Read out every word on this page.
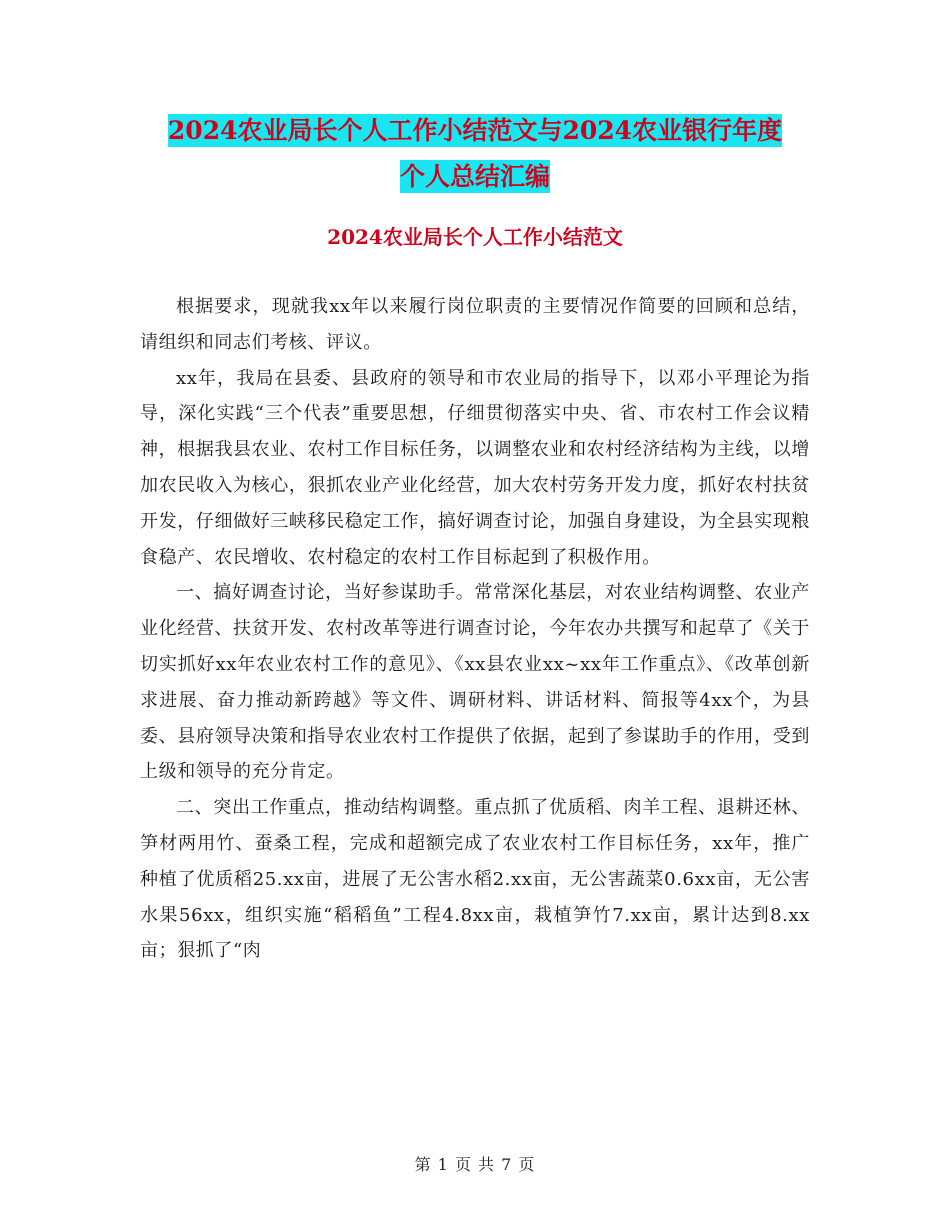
2024农业局长个人工作小结范文与2024农业银行年度
个人总结汇编
2024农业局长个人工作小结范文

根据要求，现就我xx年以来履行岗位职责的主要情况作简要的回顾和总结，请组织和同志们考核、评议。

xx年，我局在县委、县政府的领导和市农业局的指导下，以邓小平理论为指导，深化实践“三个代表”重要思想，仔细贯彻落实中央、省、市农村工作会议精神，根据我县农业、农村工作目标任务，以调整农业和农村经济结构为主线，以增加农民收入为核心，狠抓农业产业化经营，加大农村劳务开发力度，抓好农村扶贫开发，仔细做好三峡移民稳定工作，搞好调查讨论，加强自身建设，为全县实现粮食稳产、农民增收、农村稳定的农村工作目标起到了积极作用。

一、搞好调查讨论，当好参谋助手。常常深化基层，对农业结构调整、农业产业化经营、扶贫开发、农村改革等进行调查讨论，今年农办共撰写和起草了《关于切实抓好xx年农业农村工作的意见》、《xx县农业xx~xx年工作重点》、《改革创新求进展、奋力推动新跨越》等文件、调研材料、讲话材料、简报等4xx个，为县委、县府领导决策和指导农业农村工作提供了依据，起到了参谋助手的作用，受到上级和领导的充分肯定。

二、突出工作重点，推动结构调整。重点抓了优质稻、肉羊工程、退耕还林、笋材两用竹、蚕桑工程，完成和超额完成了农业农村工作目标任务，xx年，推广种植了优质稻25.xx亩，进展了无公害水稻2.xx亩，无公害蔬菜0.6xx亩，无公害水果56xx，组织实施“稻稻鱼”工程4.8xx亩，栽植笋竹7.xx亩，累计达到8.xx亩；狠抓了“肉

第 1 页 共 7 页
